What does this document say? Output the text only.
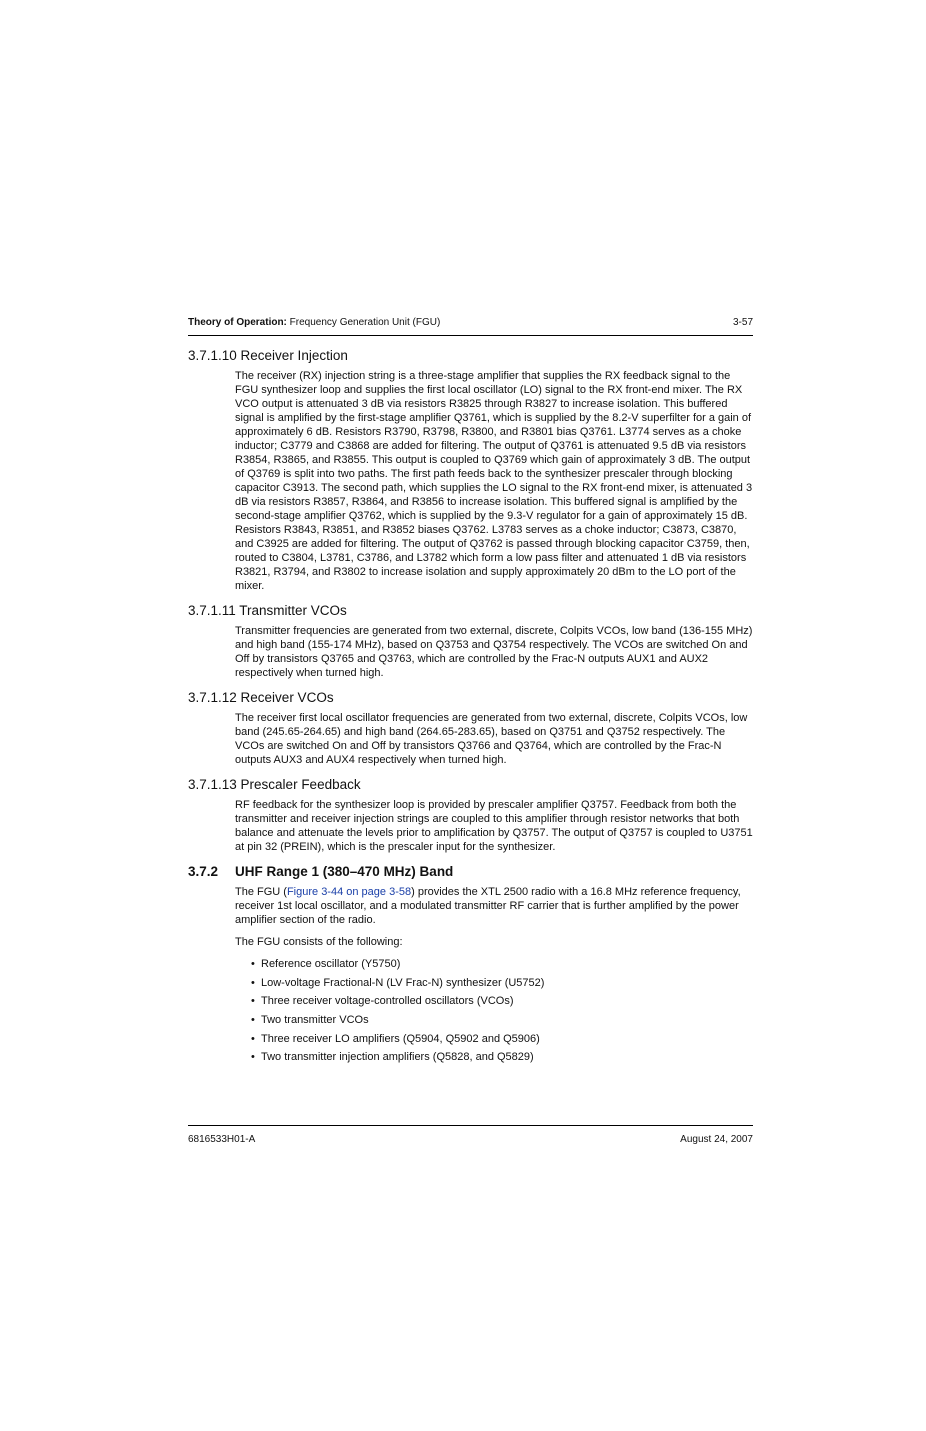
Theory of Operation: Frequency Generation Unit (FGU)	3-57
3.7.1.10 Receiver Injection

The receiver (RX) injection string is a three-stage amplifier that supplies the RX feedback signal to the FGU synthesizer loop and supplies the first local oscillator (LO) signal to the RX front-end mixer. The RX VCO output is attenuated 3 dB via resistors R3825 through R3827 to increase isolation. This buffered signal is amplified by the first-stage amplifier Q3761, which is supplied by the 8.2-V superfilter for a gain of approximately 6 dB. Resistors R3790, R3798, R3800, and R3801 bias Q3761. L3774 serves as a choke inductor; C3779 and C3868 are added for filtering. The output of Q3761 is attenuated 9.5 dB via resistors R3854, R3865, and R3855. This output is coupled to Q3769 which gain of approximately 3 dB. The output of Q3769 is split into two paths. The first path feeds back to the synthesizer prescaler through blocking capacitor C3913. The second path, which supplies the LO signal to the RX front-end mixer, is attenuated 3 dB via resistors R3857, R3864, and R3856 to increase isolation. This buffered signal is amplified by the second-stage amplifier Q3762, which is supplied by the 9.3-V regulator for a gain of approximately 15 dB. Resistors R3843, R3851, and R3852 biases Q3762. L3783 serves as a choke inductor; C3873, C3870, and C3925 are added for filtering. The output of Q3762 is passed through blocking capacitor C3759, then, routed to C3804, L3781, C3786, and L3782 which form a low pass filter and attenuated 1 dB via resistors R3821, R3794, and R3802 to increase isolation and supply approximately 20 dBm to the LO port of the mixer.

3.7.1.11 Transmitter VCOs

Transmitter frequencies are generated from two external, discrete, Colpits VCOs, low band (136-155 MHz) and high band (155-174 MHz), based on Q3753 and Q3754 respectively. The VCOs are switched On and Off by transistors Q3765 and Q3763, which are controlled by the Frac-N outputs AUX1 and AUX2 respectively when turned high.

3.7.1.12 Receiver VCOs

The receiver first local oscillator frequencies are generated from two external, discrete, Colpits VCOs, low band (245.65-264.65) and high band (264.65-283.65), based on Q3751 and Q3752 respectively. The VCOs are switched On and Off by transistors Q3766 and Q3764, which are controlled by the Frac-N outputs AUX3 and AUX4 respectively when turned high.

3.7.1.13 Prescaler Feedback

RF feedback for the synthesizer loop is provided by prescaler amplifier Q3757. Feedback from both the transmitter and receiver injection strings are coupled to this amplifier through resistor networks that both balance and attenuate the levels prior to amplification by Q3757. The output of Q3757 is coupled to U3751 at pin 32 (PREIN), which is the prescaler input for the synthesizer.

3.7.2 UHF Range 1 (380–470 MHz) Band

The FGU (Figure 3-44 on page 3-58) provides the XTL 2500 radio with a 16.8 MHz reference frequency, receiver 1st local oscillator, and a modulated transmitter RF carrier that is further amplified by the power amplifier section of the radio.

The FGU consists of the following:

• Reference oscillator (Y5750)
• Low-voltage Fractional-N (LV Frac-N) synthesizer (U5752)
• Three receiver voltage-controlled oscillators (VCOs)
• Two transmitter VCOs
• Three receiver LO amplifiers (Q5904, Q5902 and Q5906)
• Two transmitter injection amplifiers (Q5828, and Q5829)
6816533H01-A	August 24, 2007
